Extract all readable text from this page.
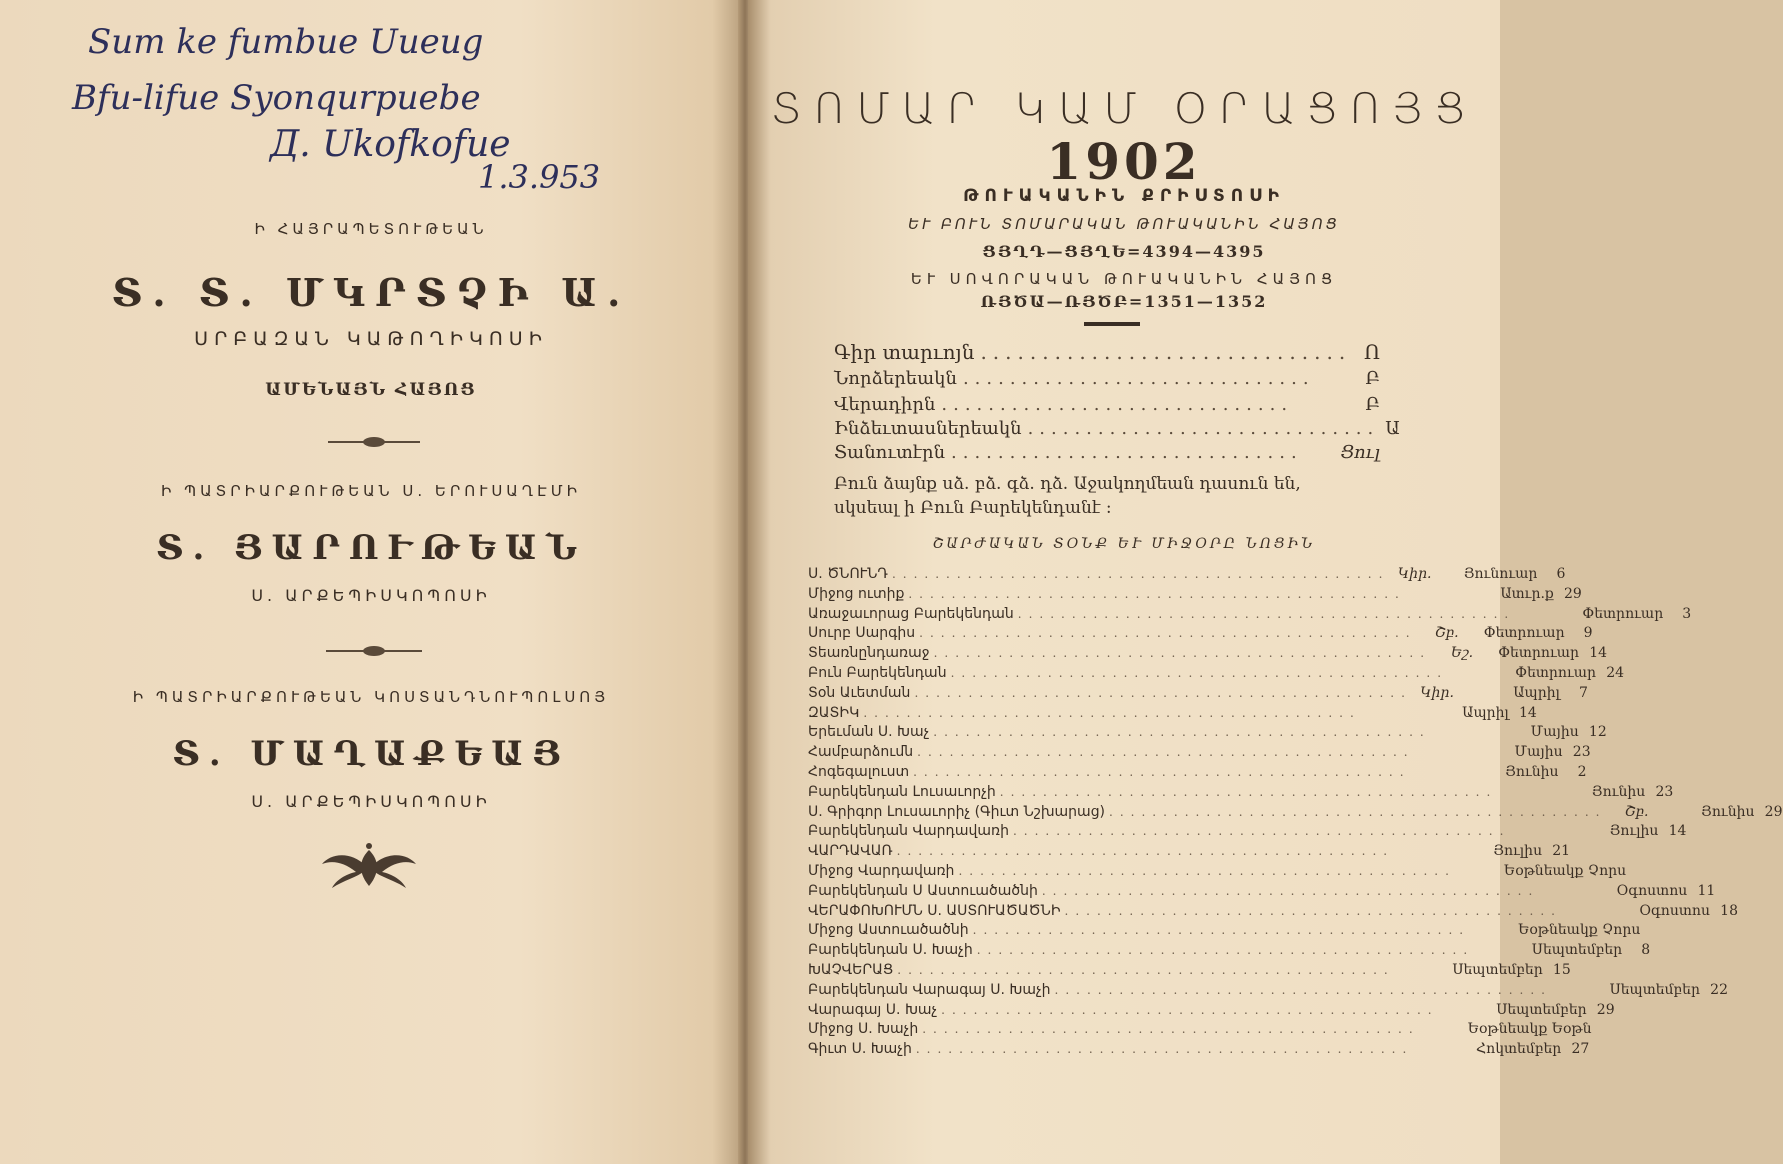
Sum ke fumbue Uueug
Bfu-lifue Syonqurpuebe
Д. Ukofkofue
1.3.953
Ի ՀԱՅՐԱՊԵՏՈՒԹԵԱՆ
Տ. Տ. ՄԿՐՏՉԻ Ա.
ՍՐԲԱԶԱՆ ԿԱԹՈՂԻԿՈՍԻ
ԱՄԵՆԱՅՆ ՀԱՅՈՑ
Ի ՊԱՏՐԻԱՐՔՈՒԹԵԱՆ Ս. ԵՐՈՒՍԱՂԷՄԻ
Տ. ՅԱՐՈՒԹԵԱՆ
Ս. ԱՐՔԵՊԻՍԿՈՊՈՍԻ
Ի ՊԱՏՐԻԱՐՔՈՒԹԵԱՆ ԿՈՍՏԱՆԴՆՈՒՊՈԼՍՈՅ
Տ. ՄԱՂԱՔԵԱՅ
Ս. ԱՐՔԵՊԻՍԿՈՊՈՍԻ
ՏՈՄԱՐ ԿԱՄ ՕՐԱՑՈՅՑ
1902
ԹՈՒԱԿԱՆԻՆ ՔՐԻՍՏՈՍԻ
ԵՒ ԲՈՒՆ ՏՈՄԱՐԱԿԱՆ ԹՈՒԱԿԱՆԻՆ ՀԱՅՈՑ
ՑՅՂԴ—ՑՅՂԵ=4394—4395
ԵՒ ՍՈՎՈՐԱԿԱՆ ԹՈՒԱԿԱՆԻՆ ՀԱՅՈՑ
ՌՅԾԱ—ՌՅԾԲ=1351—1352
Գիր տարւոյն .............................. Ո
Նորձերեակն ..............................	Բ
Վերադիրն ..............................	Բ
Ինձեւտասներեակն .............................. Ա
Տանուտէրն ..............................	Ցուլ
Բուն ձայնք սձ. բձ. գձ. դձ. Աջակողմեան դասուն են, սկսեալ ի Բուն Բարեկենդանէ :
ՇԱՐԺԱԿԱՆ ՏՕՆՔ ԵՒ ՄԻՋՕՐԸ ՆՈՑԻՆ
Ս. ԾՆՈՒՆԴ .............................................. Կիր.	Յունուար	6
Միջոց ուտիք ..............................................	Ատւր.ք 29
Առաջաւորաց Բարեկենդան ..............................................	Փետրուար	3
Սուրբ Սարգիս ..............................................	Շբ.	Փետրուար	9
Տեառնընդառաջ ..............................................	Եշ.	Փետրուար 14
Բուն Բարեկենդան ..............................................	Փետրուար 24
Տօն Աւետման .............................................. Կիր.	Ապրիլ	7
ԶԱՏԻԿ ..............................................	Ապրիլ 14
Երեւման Ս. Խաչ ..............................................	Մայիս 12
Համբարձումն ..............................................	Մայիս 23
Հոգեգալուստ ..............................................	Յունիս	2
Բարեկենդան Լուսաւորչի ..............................................	Յունիս 23
Ս. Գրիգոր Լուսաւորիչ (Գիւտ Նշխարաց) ..............................................	Շբ.	Յունիս 29
Բարեկենդան Վարդավառի ..............................................	Յուլիս 14
ՎԱՐԴԱՎԱՌ ..............................................	Յուլիս 21
Միջոց Վարդավառի ..............................................	Եօթնեակք Չորս
Բարեկենդան Ս Աստուածածնի ..............................................	Օգոստոս 11
ՎԵՐԱՓՈԽՈՒՄՆ Ս. ԱՍՏՈՒԱԾԱԾՆԻ ..............................................	Օգոստոս 18
Միջոց Աստուածածնի ..............................................	Եօթնեակք Չորս
Բարեկենդան Ս. Խաչի ..............................................	Սեպտեմբեր	8
ԽԱՉՎԵՐԱՑ ..............................................	Սեպտեմբեր 15
Բարեկենդան Վարագայ Ս. Խաչի ..............................................	Սեպտեմբեր 22
Վարագայ Ս. Խաչ ..............................................	Սեպտեմբեր 29
Միջոց Ս. Խաչի ..............................................	Եօթնեակք Եօթն
Գիւտ Ս. Խաչի ..............................................	Հոկտեմբեր 27
